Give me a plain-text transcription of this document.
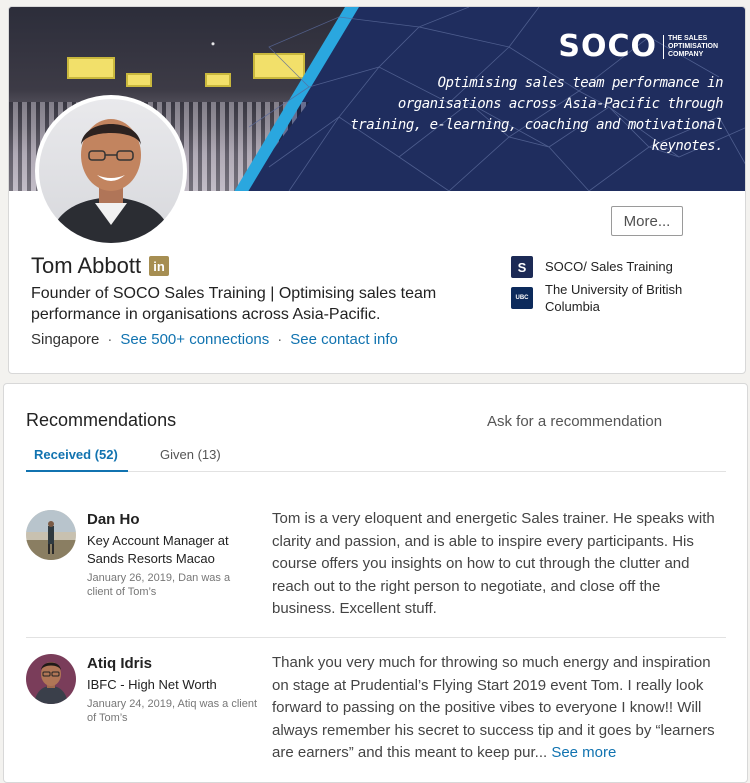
SOCO	THE SALES OPTIMISATION COMPANY
Optimising sales team performance in organisations across Asia-Pacific through training, e-learning, coaching and motivational keynotes.
More...
Tom Abbott in
Founder of SOCO Sales Training | Optimising sales team performance in organisations across Asia-Pacific.
Singapore · See 500+ connections · See contact info
S	SOCO/ Sales Training
UBC
The University of British Columbia
Recommendations	Ask for a recommendation
Received (52)	Given (13)
Dan Ho
Key Account Manager at Sands Resorts Macao
January 26, 2019, Dan was a client of Tom’s
Tom is a very eloquent and energetic Sales trainer. He speaks with clarity and passion, and is able to inspire every participants. His course offers you insights on how to cut through the clutter and reach out to the right person to negotiate, and close off the business. Excellent stuff.
Atiq Idris
IBFC - High Net Worth
January 24, 2019, Atiq was a client of Tom’s
Thank you very much for throwing so much energy and inspiration on stage at Prudential’s Flying Start 2019 event Tom. I really look forward to passing on the positive vibes to everyone I know!! Will always remember his secret to success tip and it goes by “learners are earners” and this meant to keep pur... See more
